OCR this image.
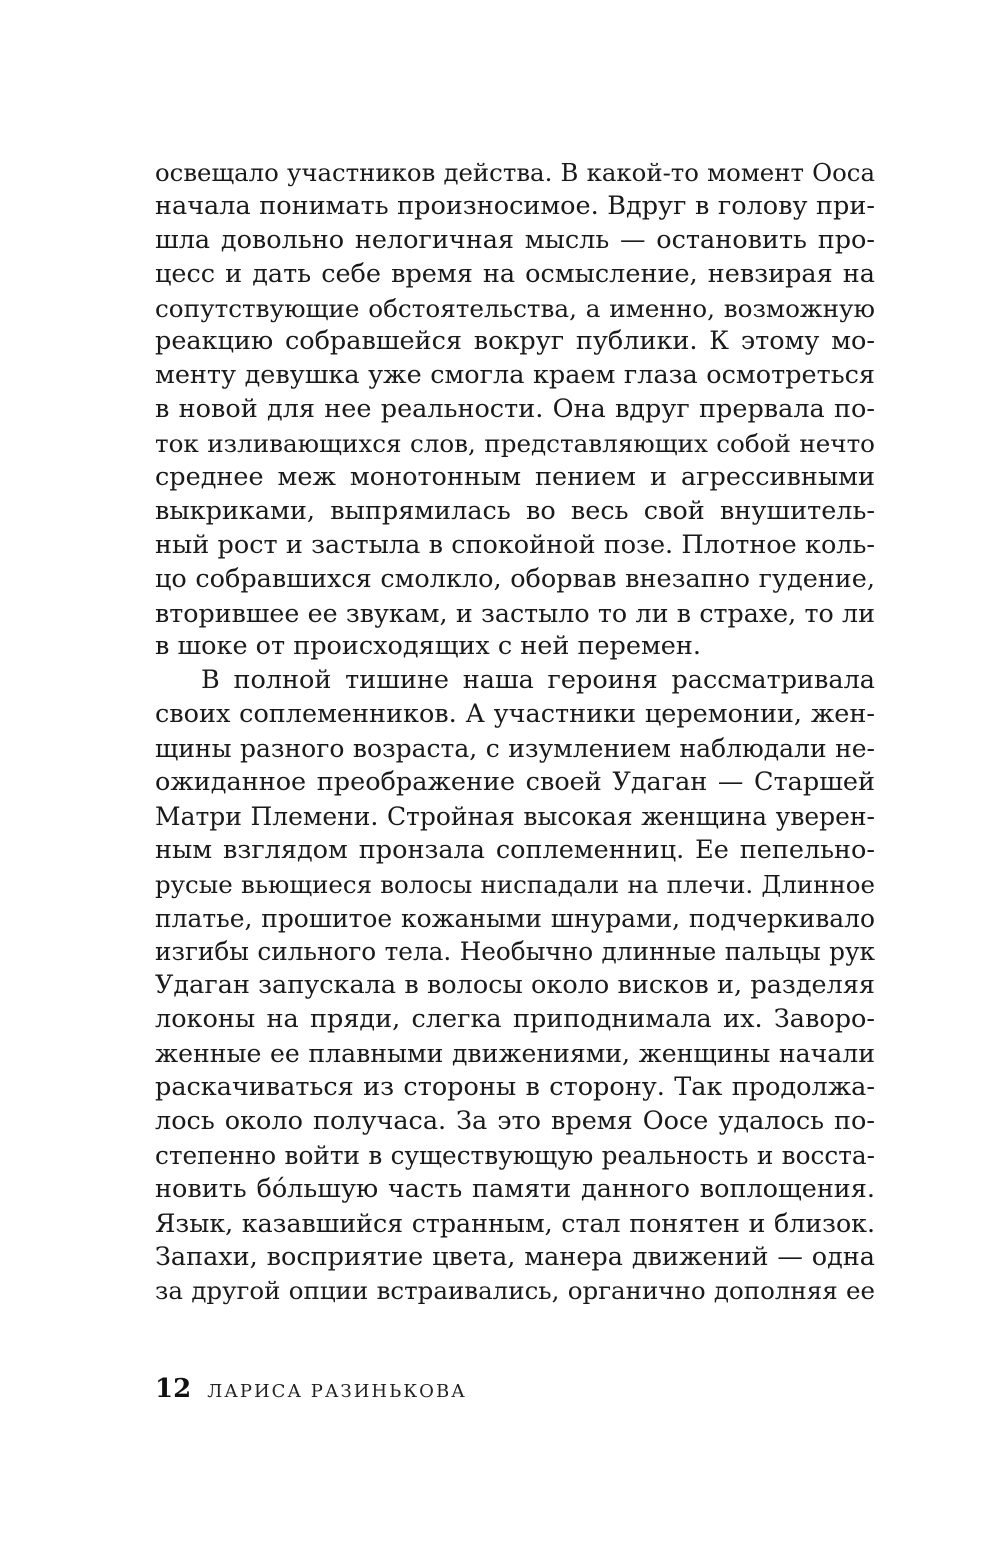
освещало участников действа. В какой-то момент Ооса
начала понимать произносимое. Вдруг в голову при-
шла довольно нелогичная мысль — остановить про-
цесс и дать себе время на осмысление, невзирая на
сопутствующие обстоятельства, а именно, возможную
реакцию собравшейся вокруг публики. К этому мо-
менту девушка уже смогла краем глаза осмотреться
в новой для нее реальности. Она вдруг прервала по-
ток изливающихся слов, представляющих собой нечто
среднее меж монотонным пением и агрессивными
выкриками, выпрямилась во весь свой внушитель-
ный рост и застыла в спокойной позе. Плотное коль-
цо собравшихся смолкло, оборвав внезапно гудение,
вторившее ее звукам, и застыло то ли в страхе, то ли
в шоке от происходящих с ней перемен.
В полной тишине наша героиня рассматривала
своих соплеменников. А участники церемонии, жен-
щины разного возраста, с изумлением наблюдали не-
ожиданное преображение своей Удаган — Старшей
Матри Племени. Стройная высокая женщина уверен-
ным взглядом пронзала соплеменниц. Ее пепельно-
русые вьющиеся волосы ниспадали на плечи. Длинное
платье, прошитое кожаными шнурами, подчеркивало
изгибы сильного тела. Необычно длинные пальцы рук
Удаган запускала в волосы около висков и, разделяя
локоны на пряди, слегка приподнимала их. Заворо-
женные ее плавными движениями, женщины начали
раскачиваться из стороны в сторону. Так продолжа-
лось около получаса. За это время Оосе удалось по-
степенно войти в существующую реальность и восста-
новить бóльшую часть памяти данного воплощения.
Язык, казавшийся странным, стал понятен и близок.
Запахи, восприятие цвета, манера движений — одна
за другой опции встраивались, органично дополняя ее
12 ЛАРИСА РАЗИНЬКОВА
